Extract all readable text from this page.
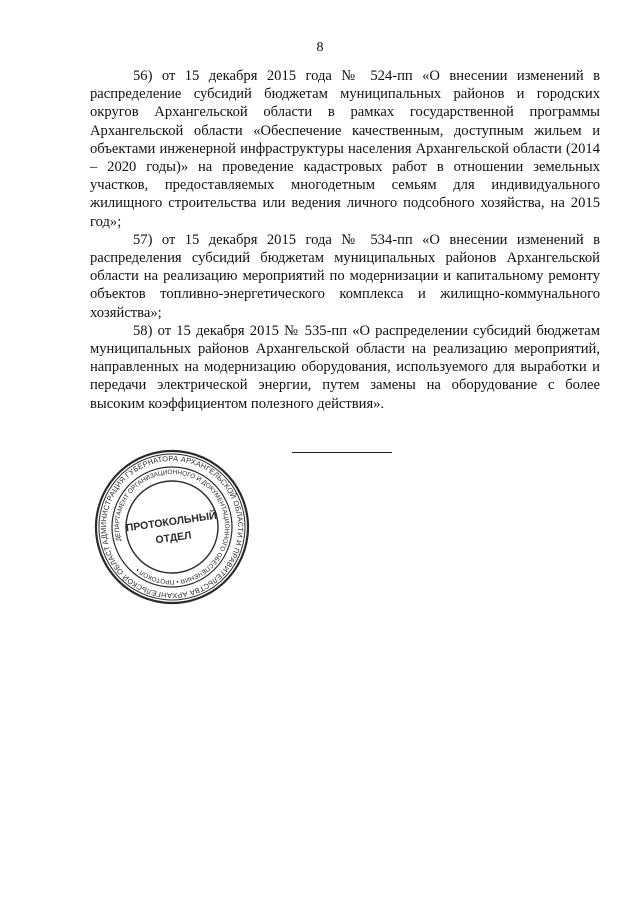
8

56) от 15 декабря 2015 года № 524-пп «О внесении изменений в распределение субсидий бюджетам муниципальных районов и городских округов Архангельской области в рамках государственной программы Архангельской области «Обеспечение качественным, доступным жильем и объектами инженерной инфраструктуры населения Архангельской области (2014 – 2020 годы)» на проведение кадастровых работ в отношении земельных участков, предоставляемых многодетным семьям для индивидуального жилищного строительства или ведения личного подсобного хозяйства, на 2015 год»;

57) от 15 декабря 2015 года № 534-пп «О внесении изменений в распределения субсидий бюджетам муниципальных районов Архангельской области на реализацию мероприятий по модернизации и капитальному ремонту объектов топливно-энергетического комплекса и жилищно-коммунального хозяйства»;

58) от 15 декабря 2015 № 535-пп «О распределении субсидий бюджетам муниципальных районов Архангельской области на реализацию мероприятий, направленных на модернизацию оборудования, используемого для выработки и передачи электрической энергии, путем замены на оборудование с более высоким коэффициентом полезного действия».

АДМИНИСТРАЦИЯ ГУБЕРНАТОРА АРХАНГЕЛЬСКОЙ ОБЛАСТИ И ПРАВИТЕЛЬСТВА АРХАНГЕЛЬСКОЙ ОБЛАСТИ
ДЕПАРТАМЕНТ ОРГАНИЗАЦИОННОГО И ДОКУМЕНТАЦИОННОГО ОБЕСПЕЧЕНИЯ • ПРОТОКОЛ •
ПРОТОКОЛЬНЫЙ
ОТДЕЛ
